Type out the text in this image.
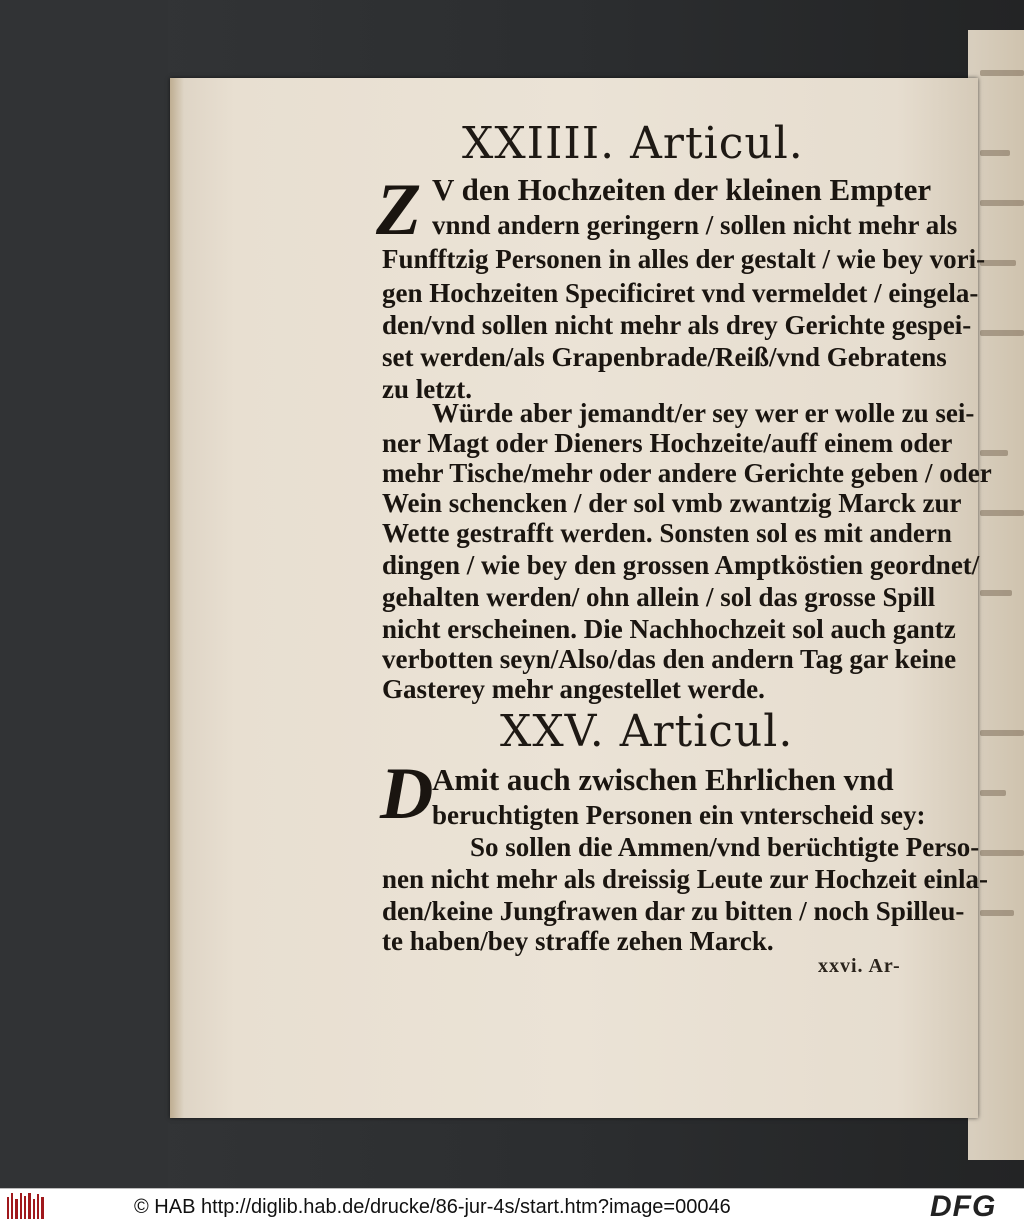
XXIIII. Articul.
Z V den Hochzeiten der kleinen Empter
vnnd andern geringern / sollen nicht mehr als
Funfftzig Personen in alles der gestalt / wie bey vori-
gen Hochzeiten Specificiret vnd vermeldet / eingela-
den/vnd sollen nicht mehr als drey Gerichte gespei-
set werden/als Grapenbrade/Reiß/vnd Gebratens
zu letzt.
Würde aber jemandt/er sey wer er wolle zu sei-
ner Magt oder Dieners Hochzeite/auff einem oder
mehr Tische/mehr oder andere Gerichte geben / oder
Wein schencken / der sol vmb zwantzig Marck zur
Wette gestrafft werden. Sonsten sol es mit andern
dingen / wie bey den grossen Amptköstien geordnet/
gehalten werden/ ohn allein / sol das grosse Spill
nicht erscheinen. Die Nachhochzeit sol auch gantz
verbotten seyn/Also/das den andern Tag gar keine
Gasterey mehr angestellet werde.
XXV. Articul.
D
Amit auch zwischen Ehrlichen vnd
beruchtigten Personen ein vnterscheid sey:
So sollen die Ammen/vnd berüchtigte Perso-
nen nicht mehr als dreissig Leute zur Hochzeit einla-
den/keine Jungfrawen dar zu bitten / noch Spilleu-
te haben/bey straffe zehen Marck.
xxvi. Ar-
© HAB http://diglib.hab.de/drucke/86-jur-4s/start.htm?image=00046	DFG
